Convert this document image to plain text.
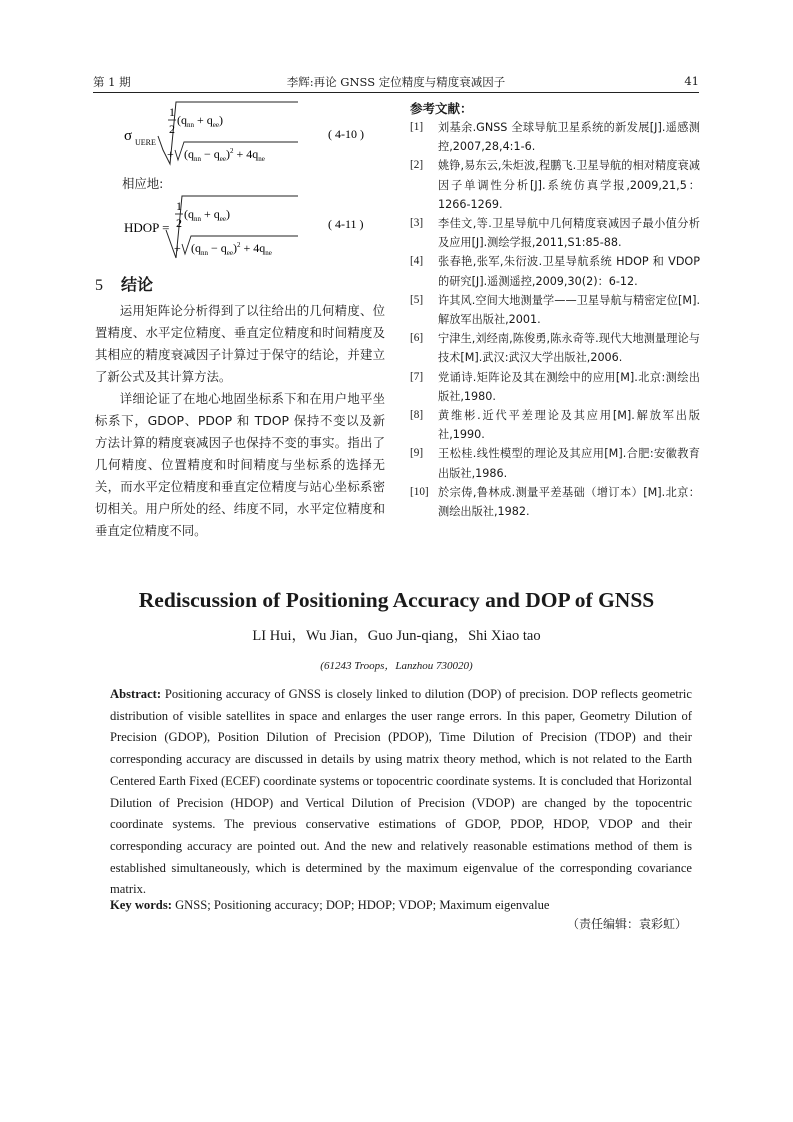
第 1 期	李辉:再论 GNSS 定位精度与精度衰减因子	41
σ UERE
1
2
$(q_{nn} + q_{ee})$
+ $(q_{nn} - q_{ee})^2 + 4q_{ne}$
( 4-10 )
相应地:
HDOP =
1
2
$(q_{nn} + q_{ee})$
+ $(q_{nn} - q_{ee})^2 + 4q_{ne}$
( 4-11 )
5 结论

运用矩阵论分析得到了以往给出的几何精度、位置精度、水平定位精度、垂直定位精度和时间精度及其相应的精度衰减因子计算过于保守的结论，并建立了新公式及其计算方法。

详细论证了在地心地固坐标系下和在用户地平坐标系下，GDOP、PDOP 和 TDOP 保持不变以及新方法计算的精度衰减因子也保持不变的事实。指出了几何精度、位置精度和时间精度与坐标系的选择无关，而水平定位精度和垂直定位精度与站心坐标系密切相关。用户所处的经、纬度不同，水平定位精度和垂直定位精度不同。

参考文献：
[1] 刘基余.GNSS 全球导航卫星系统的新发展[J].遥感测控,2007,28,4:1-6.
[2] 姚铮,易东云,朱炬波,程鹏飞.卫星导航的相对精度衰减因子单调性分析[J].系统仿真学报,2009,21,5：1266-1269.
[3] 李佳文,等.卫星导航中几何精度衰减因子最小值分析及应用[J].测绘学报,2011,S1:85-88.
[4] 张春艳,张军,朱衍波.卫星导航系统 HDOP 和 VDOP 的研究[J].遥测遥控,2009,30(2)：6-12.
[5] 许其风.空间大地测量学——卫星导航与精密定位[M].解放军出版社,2001.
[6] 宁津生,刘经南,陈俊勇,陈永奇等.现代大地测量理论与技术[M].武汉:武汉大学出版社,2006.
[7] 党诵诗.矩阵论及其在测绘中的应用[M].北京:测绘出版社,1980.
[8] 黄维彬.近代平差理论及其应用[M].解放军出版社,1990.
[9] 王松桂.线性模型的理论及其应用[M].合肥:安徽教育出版社,1986.
[10] 於宗俦,鲁林成.测量平差基础（增订本）[M].北京：测绘出版社,1982.
Rediscussion of Positioning Accuracy and DOP of GNSS
LI Hui，Wu Jian，Guo Jun-qiang，Shi Xiao tao
(61243 Troops，Lanzhou 730020)
Abstract: Positioning accuracy of GNSS is closely linked to dilution (DOP) of precision. DOP reflects geometric distribution of visible satellites in space and enlarges the user range errors. In this paper, Geometry Dilution of Precision (GDOP), Position Dilution of Precision (PDOP), Time Dilution of Precision (TDOP) and their corresponding accuracy are discussed in details by using matrix theory method, which is not related to the Earth Centered Earth Fixed (ECEF) coordinate systems or topocentric coordinate systems. It is concluded that Horizontal Dilution of Precision (HDOP) and Vertical Dilution of Precision (VDOP) are changed by the topocentric coordinate systems. The previous conservative estimations of GDOP, PDOP, HDOP, VDOP and their corresponding accuracy are pointed out. And the new and relatively reasonable estimations method of them is established simultaneously, which is determined by the maximum eigenvalue of the corresponding covariance matrix.
Key words: GNSS; Positioning accuracy; DOP; HDOP; VDOP; Maximum eigenvalue
（责任编辑：袁彩虹）
